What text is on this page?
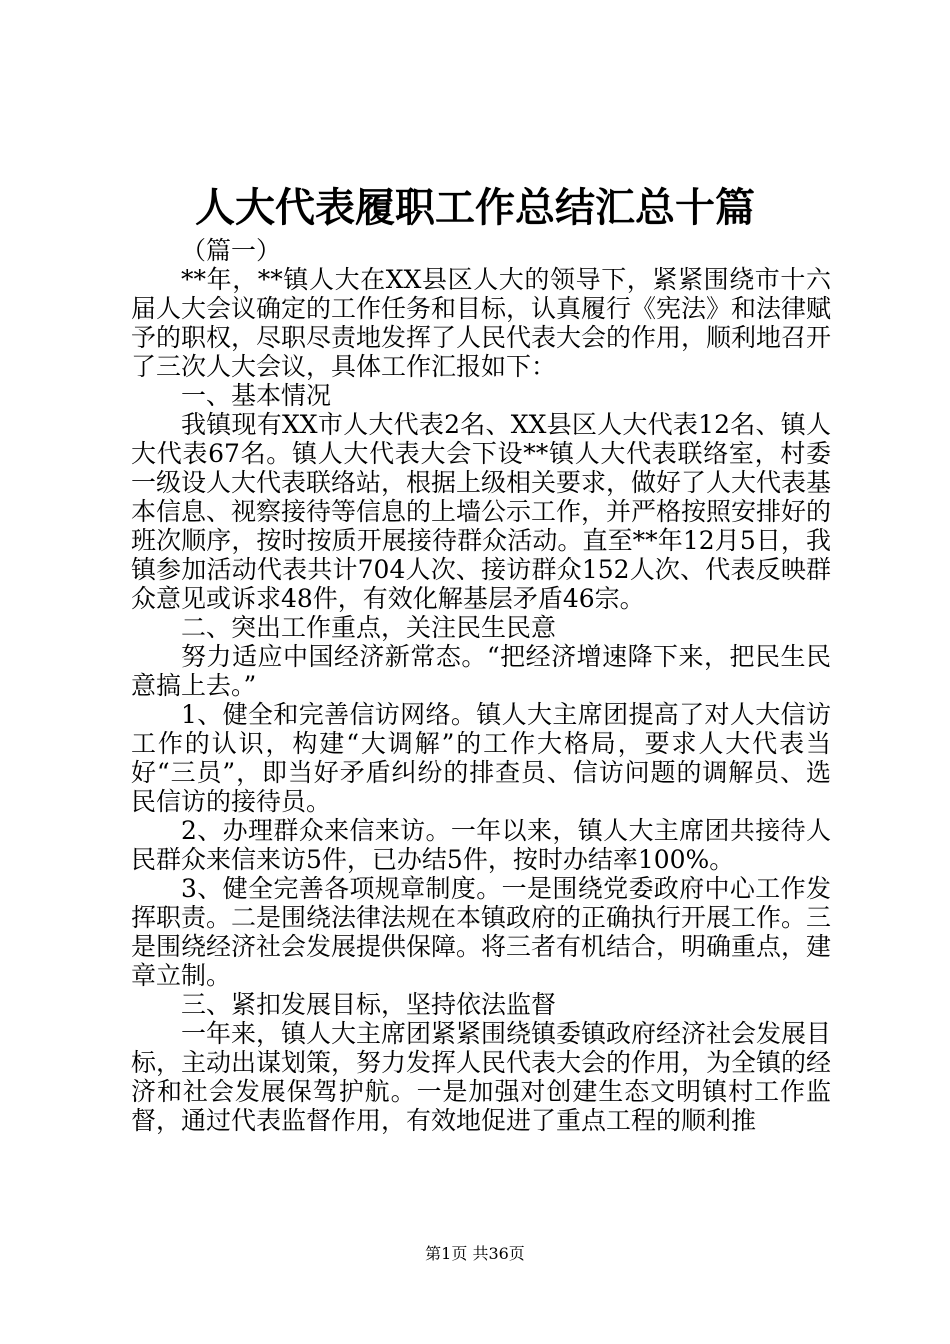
人大代表履职工作总结汇总十篇

（篇一）

**年，**镇人大在XX县区人大的领导下，紧紧围绕市十六届人大会议确定的工作任务和目标，认真履行《宪法》和法律赋予的职权，尽职尽责地发挥了人民代表大会的作用，顺利地召开了三次人大会议，具体工作汇报如下：

一、基本情况

我镇现有XX市人大代表2名、XX县区人大代表12名、镇人大代表67名。镇人大代表大会下设**镇人大代表联络室，村委一级设人大代表联络站，根据上级相关要求，做好了人大代表基本信息、视察接待等信息的上墙公示工作，并严格按照安排好的班次顺序，按时按质开展接待群众活动。直至**年12月5日，我镇参加活动代表共计704人次、接访群众152人次、代表反映群众意见或诉求48件，有效化解基层矛盾46宗。

二、突出工作重点，关注民生民意

努力适应中国经济新常态。“把经济增速降下来，把民生民意搞上去。”

1、健全和完善信访网络。镇人大主席团提高了对人大信访工作的认识，构建“大调解”的工作大格局，要求人大代表当好“三员”，即当好矛盾纠纷的排查员、信访问题的调解员、选民信访的接待员。

2、办理群众来信来访。一年以来，镇人大主席团共接待人民群众来信来访5件，已办结5件，按时办结率100%。

3、健全完善各项规章制度。一是围绕党委政府中心工作发挥职责。二是围绕法律法规在本镇政府的正确执行开展工作。三是围绕经济社会发展提供保障。将三者有机结合，明确重点，建章立制。

三、紧扣发展目标，坚持依法监督

一年来，镇人大主席团紧紧围绕镇委镇政府经济社会发展目标，主动出谋划策，努力发挥人民代表大会的作用，为全镇的经济和社会发展保驾护航。一是加强对创建生态文明镇村工作监督，通过代表监督作用，有效地促进了重点工程的顺利推

第1页 共36页
